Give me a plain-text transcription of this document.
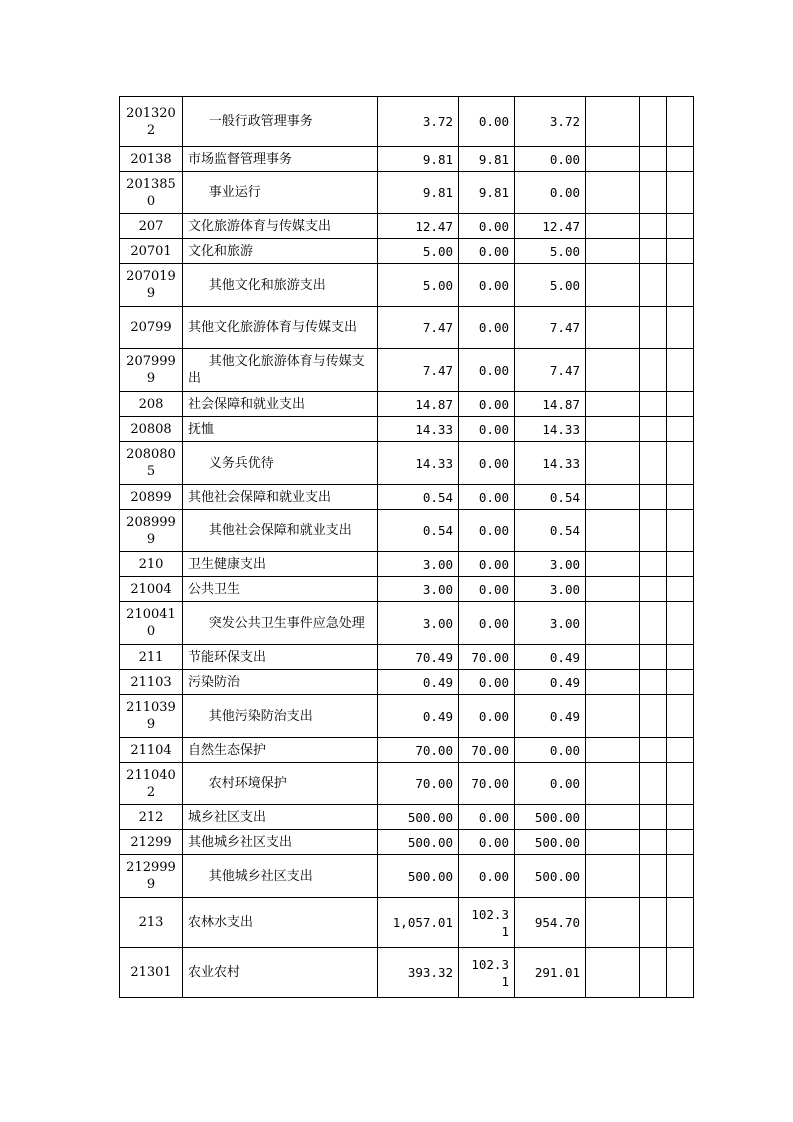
2013202	一般行政管理事务	3.72	0.00	3.72			
20138	市场监督管理事务	9.81	9.81	0.00			
2013850	事业运行	9.81	9.81	0.00			
207	文化旅游体育与传媒支出	12.47	0.00	12.47			
20701	文化和旅游	5.00	0.00	5.00			
2070199	其他文化和旅游支出	5.00	0.00	5.00			
20799	其他文化旅游体育与传媒支出	7.47	0.00	7.47			
2079999	其他文化旅游体育与传媒支出	7.47	0.00	7.47			
208	社会保障和就业支出	14.87	0.00	14.87			
20808	抚恤	14.33	0.00	14.33			
2080805	义务兵优待	14.33	0.00	14.33			
20899	其他社会保障和就业支出	0.54	0.00	0.54			
2089999	其他社会保障和就业支出	0.54	0.00	0.54			
210	卫生健康支出	3.00	0.00	3.00			
21004	公共卫生	3.00	0.00	3.00			
2100410	突发公共卫生事件应急处理	3.00	0.00	3.00			
211	节能环保支出	70.49	70.00	0.49			
21103	污染防治	0.49	0.00	0.49			
2110399	其他污染防治支出	0.49	0.00	0.49			
21104	自然生态保护	70.00	70.00	0.00			
2110402	农村环境保护	70.00	70.00	0.00			
212	城乡社区支出	500.00	0.00	500.00			
21299	其他城乡社区支出	500.00	0.00	500.00			
2129999	其他城乡社区支出	500.00	0.00	500.00			
213	农林水支出	1,057.01	102.31	954.70			
21301	农业农村	393.32	102.31	291.01			
